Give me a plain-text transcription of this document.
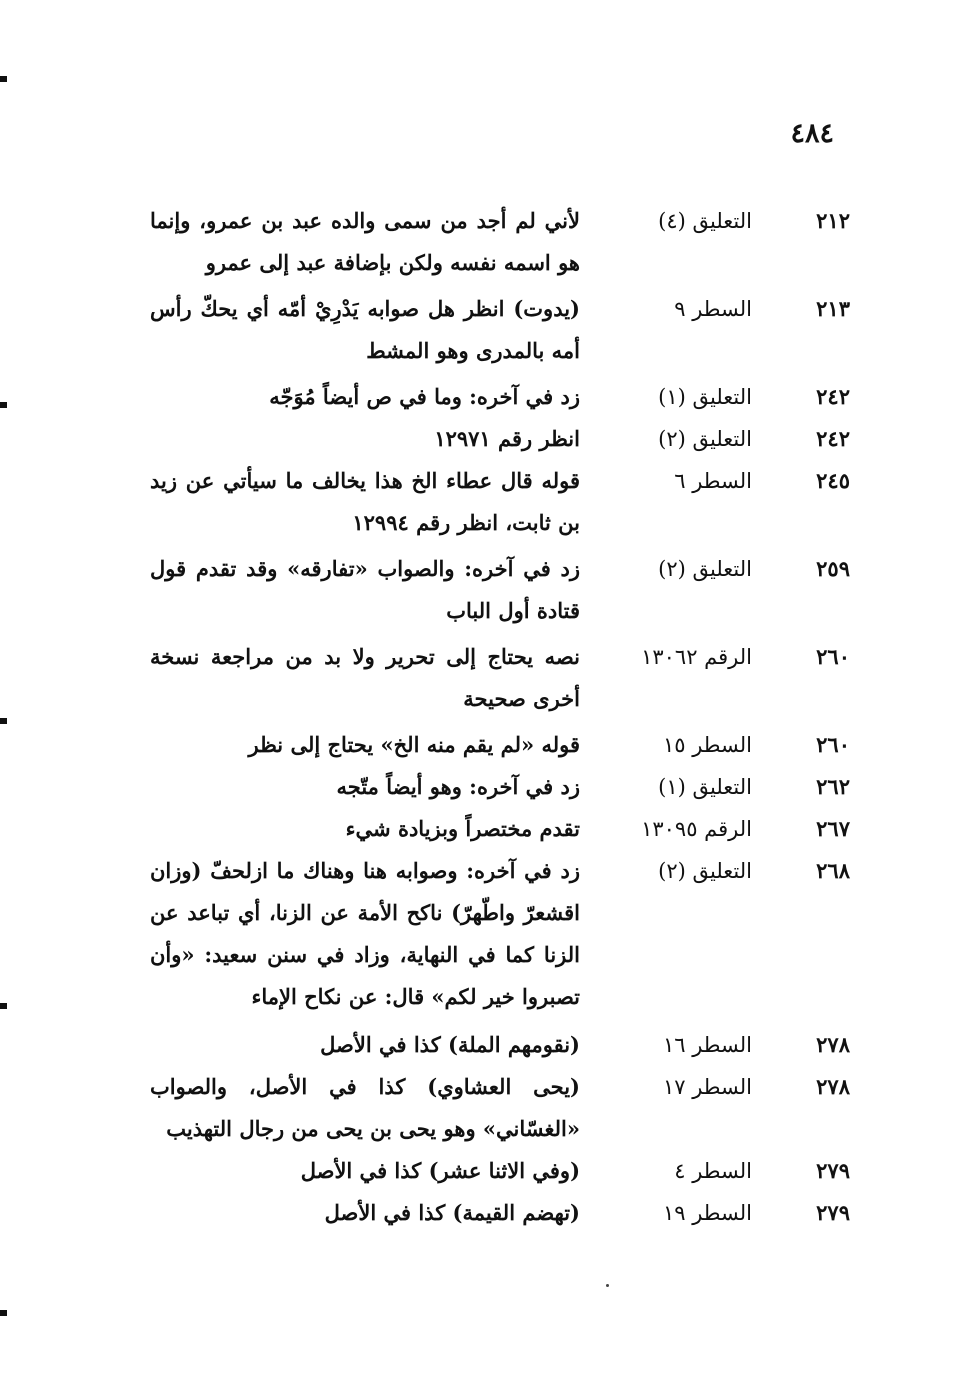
٤٨٤
٢١٢
التعليق (٤)
لأني لم أجد من سمى والده عبد بن عمرو، وإنما هو اسمه نفسه ولكن بإضافة عبد إلى عمرو
٢١٣
السطر ٩
(يدوت) انظر هل صوابه يَدْرِيْ أمّه أي يحكّ رأس أمه بالمدرى وهو المشط
٢٤٢
التعليق (١)
زد في آخره: وما في ص أيضاً مُوَجّه
٢٤٢
التعليق (٢)
انظر رقم ١٢٩٧١
٢٤٥
السطر ٦
قوله قال عطاء الخ هذا يخالف ما سيأتي عن زيد بن ثابت، انظر رقم ١٢٩٩٤
٢٥٩
التعليق (٢)
زد في آخره: والصواب «تفارقه» وقد تقدم قول قتادة أول الباب
٢٦٠
الرقم ١٣٠٦٢
نصه يحتاج إلى تحرير ولا بد من مراجعة نسخة أخرى صحيحة
٢٦٠
السطر ١٥
قوله «لم يقم منه الخ» يحتاج إلى نظر
٢٦٢
التعليق (١)
زد في آخره: وهو أيضاً متّجه
٢٦٧
الرقم ١٣٠٩٥
تقدم مختصراً وبزيادة شيء
٢٦٨
التعليق (٢)
زد في آخره: وصوابه هنا وهناك ما ازلحفّ (وزان اقشعرّ واطّهرّ) ناكح الأمة عن الزنا، أي تباعد عن الزنا كما في النهاية، وزاد في سنن سعيد: «وأن تصبروا خير لكم» قال: عن نكاح الإماء
٢٧٨
السطر ١٦
(نقومهم الملة) كذا في الأصل
٢٧٨
السطر ١٧
(يحى العشاوي) كذا في الأصل، والصواب «الغسّاني» وهو يحى بن يحى من رجال التهذيب
٢٧٩
السطر ٤
(وفي الاثنا عشر) كذا في الأصل
٢٧٩
السطر ١٩
(تهضم القيمة) كذا في الأصل
